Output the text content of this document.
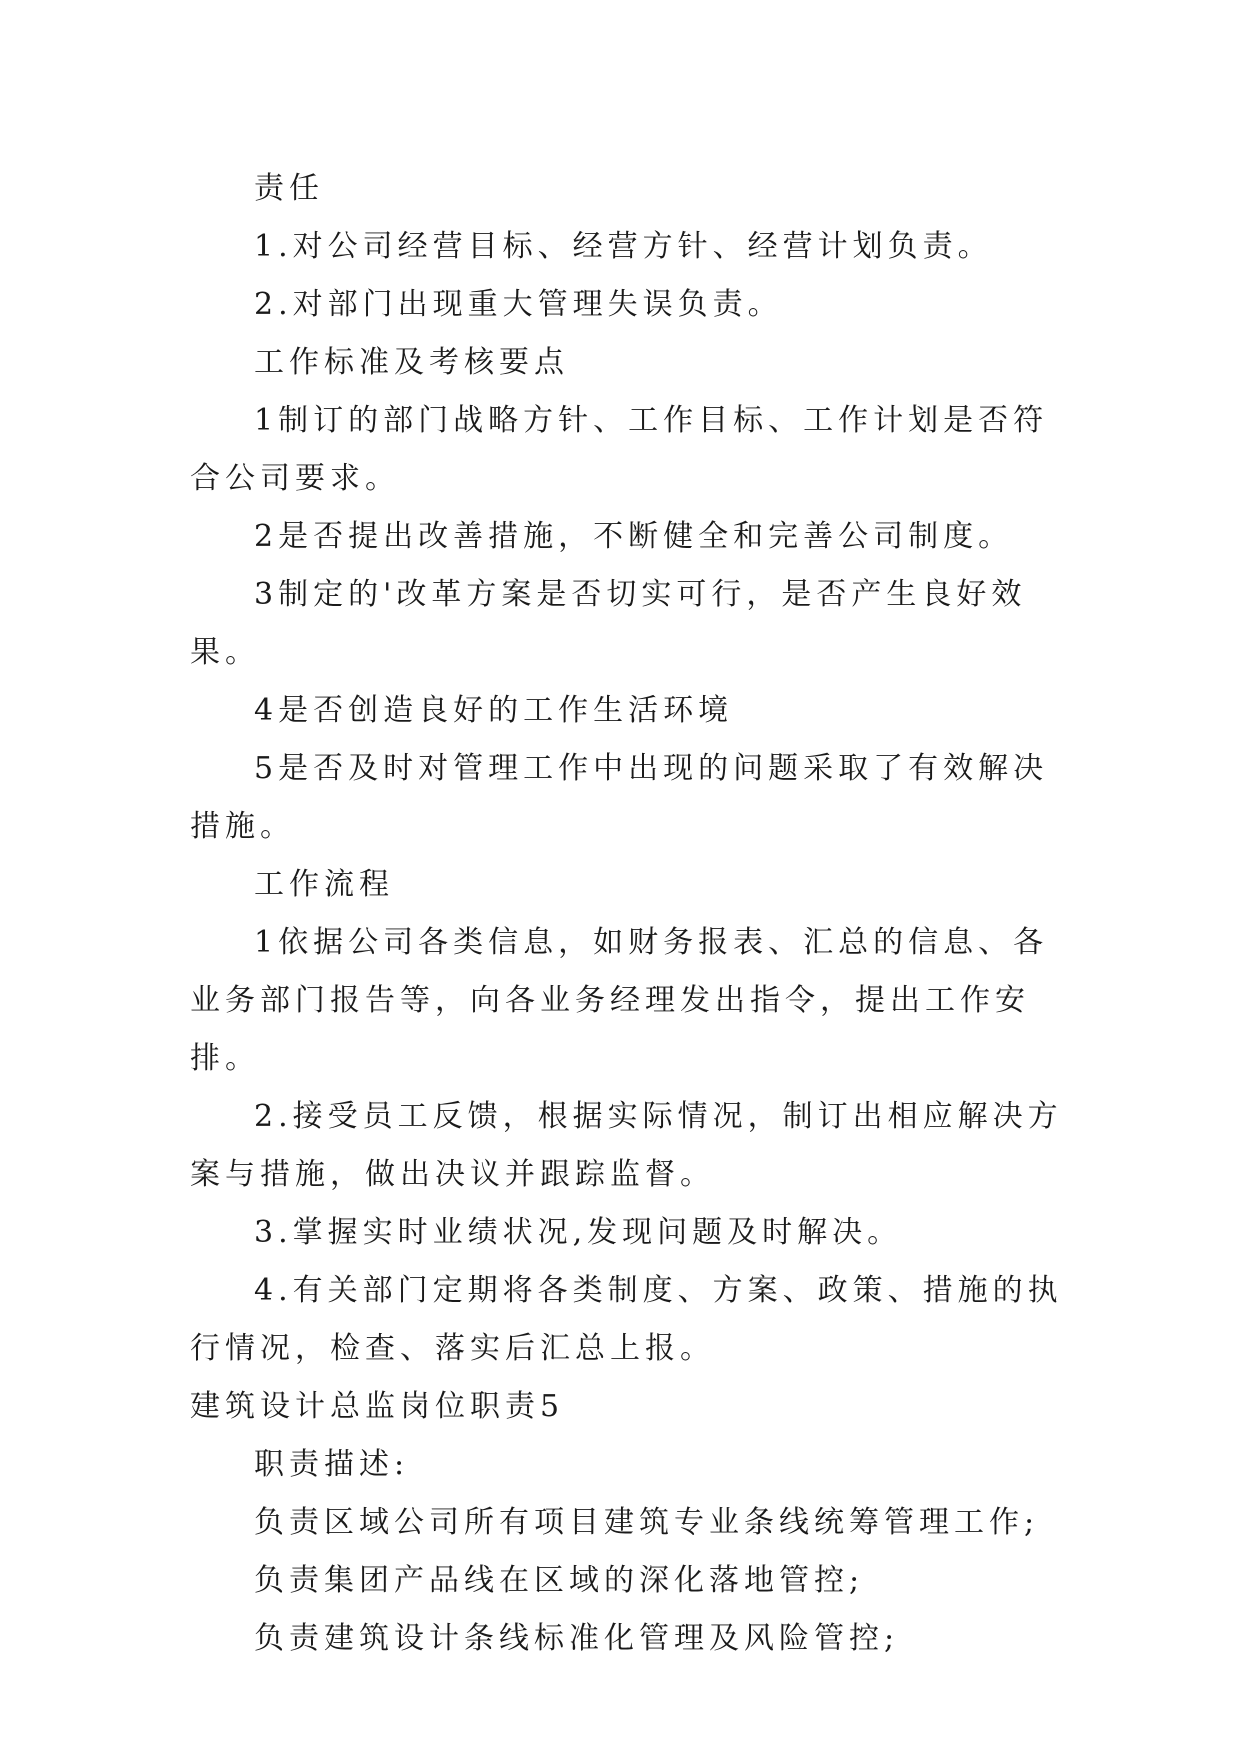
责任

1.对公司经营目标、经营方针、经营计划负责。

2.对部门出现重大管理失误负责。

工作标准及考核要点

1制订的部门战略方针、工作目标、工作计划是否符合公司要求。

2是否提出改善措施，不断健全和完善公司制度。

3制定的'改革方案是否切实可行，是否产生良好效果。

4是否创造良好的工作生活环境

5是否及时对管理工作中出现的问题采取了有效解决措施。

工作流程

1依据公司各类信息，如财务报表、汇总的信息、各业务部门报告等，向各业务经理发出指令，提出工作安排。

2.接受员工反馈，根据实际情况，制订出相应解决方案与措施，做出决议并跟踪监督。

3.掌握实时业绩状况,发现问题及时解决。

4.有关部门定期将各类制度、方案、政策、措施的执行情况，检查、落实后汇总上报。

建筑设计总监岗位职责5

职责描述:

负责区域公司所有项目建筑专业条线统筹管理工作;

负责集团产品线在区域的深化落地管控;

负责建筑设计条线标准化管理及风险管控;
